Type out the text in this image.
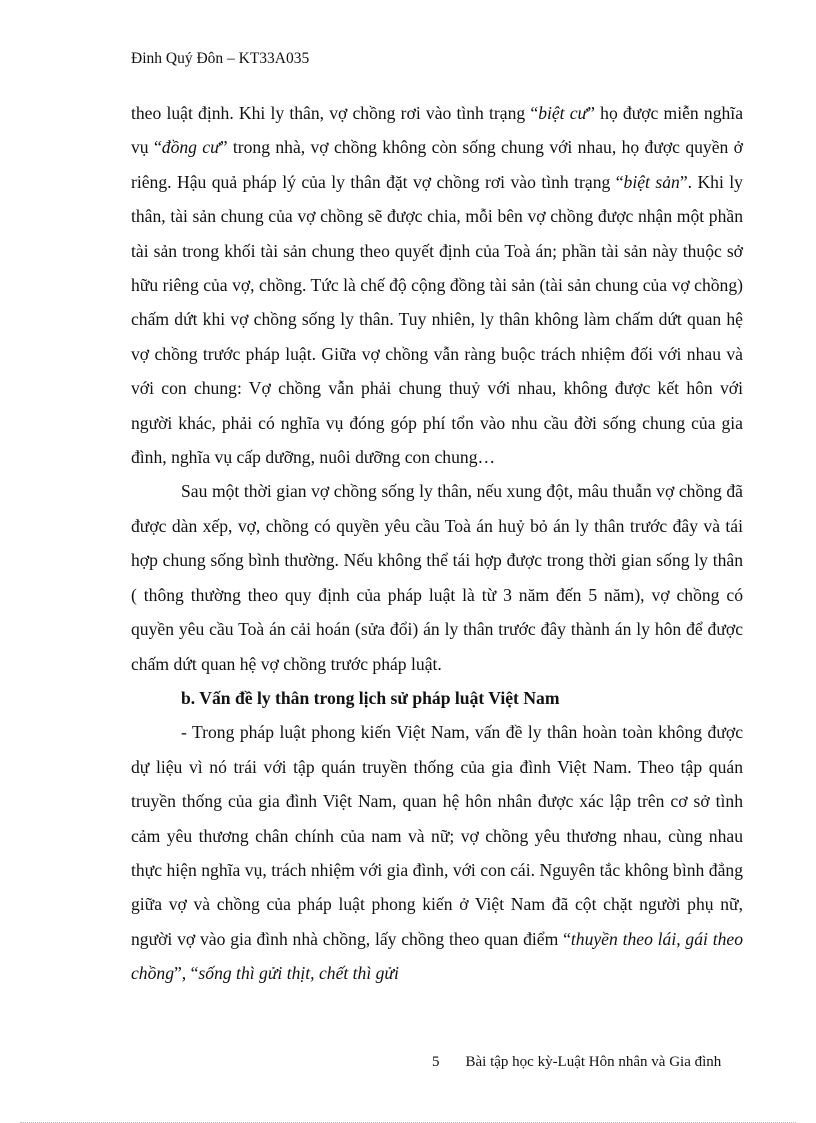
Đinh Quý Đôn – KT33A035

theo luật định. Khi ly thân, vợ chồng rơi vào tình trạng “biệt cư” họ được miễn nghĩa vụ “đồng cư” trong nhà, vợ chồng không còn sống chung với nhau, họ được quyền ở riêng. Hậu quả pháp lý của ly thân đặt vợ chồng rơi vào tình trạng “biệt sản”. Khi ly thân, tài sản chung của vợ chồng sẽ được chia, mỗi bên vợ chồng được nhận một phần tài sản trong khối tài sản chung theo quyết định của Toà án; phần tài sản này thuộc sở hữu riêng của vợ, chồng. Tức là chế độ cộng đồng tài sản (tài sản chung của vợ chồng) chấm dứt khi vợ chồng sống ly thân. Tuy nhiên, ly thân không làm chấm dứt quan hệ vợ chồng trước pháp luật. Giữa vợ chồng vẫn ràng buộc trách nhiệm đối với nhau và với con chung: Vợ chồng vẫn phải chung thuỷ với nhau, không được kết hôn với người khác, phải có nghĩa vụ đóng góp phí tổn vào nhu cầu đời sống chung của gia đình, nghĩa vụ cấp dưỡng, nuôi dưỡng con chung…

Sau một thời gian vợ chồng sống ly thân, nếu xung đột, mâu thuẫn vợ chồng đã được dàn xếp, vợ, chồng có quyền yêu cầu Toà án huỷ bỏ án ly thân trước đây và tái hợp chung sống bình thường. Nếu không thể tái hợp được trong thời gian sống ly thân ( thông thường theo quy định của pháp luật là từ 3 năm đến 5 năm), vợ chồng có quyền yêu cầu Toà án cải hoán (sửa đổi) án ly thân trước đây thành án ly hôn để được chấm dứt quan hệ vợ chồng trước pháp luật.

b. Vấn đề ly thân trong lịch sử pháp luật Việt Nam

- Trong pháp luật phong kiến Việt Nam, vấn đề ly thân hoàn toàn không được dự liệu vì nó trái với tập quán truyền thống của gia đình Việt Nam. Theo tập quán truyền thống của gia đình Việt Nam, quan hệ hôn nhân được xác lập trên cơ sở tình cảm yêu thương chân chính của nam và nữ; vợ chồng yêu thương nhau, cùng nhau thực hiện nghĩa vụ, trách nhiệm với gia đình, với con cái. Nguyên tắc không bình đẳng giữa vợ và chồng của pháp luật phong kiến ở Việt Nam đã cột chặt người phụ nữ, người vợ vào gia đình nhà chồng, lấy chồng theo quan điểm “thuyền theo lái, gái theo chồng”, “sống thì gửi thịt, chết thì gửi

5 Bài tập học kỳ-Luật Hôn nhân và Gia đình
